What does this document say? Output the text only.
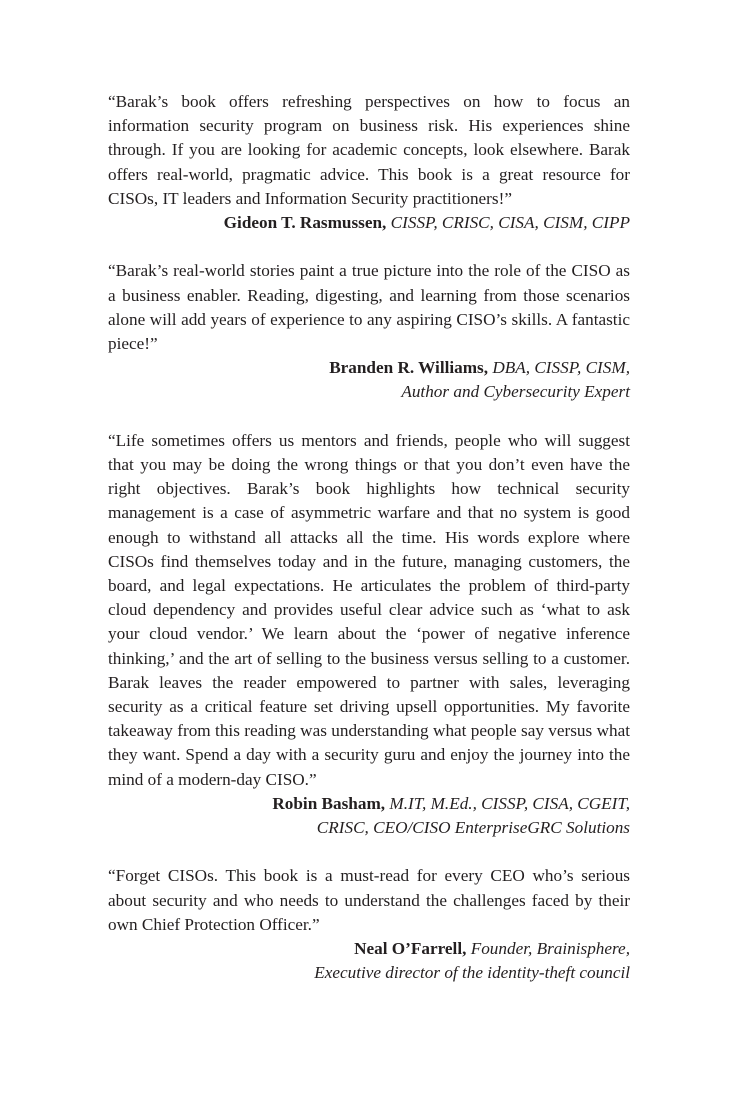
“Barak’s book offers refreshing perspectives on how to focus an information security program on business risk. His experiences shine through. If you are looking for academic concepts, look elsewhere. Barak offers real-world, pragmatic advice. This book is a great resource for CISOs, IT leaders and Information Security practitioners!”

Gideon T. Rasmussen, CISSP, CRISC, CISA, CISM, CIPP

“Barak’s real-world stories paint a true picture into the role of the CISO as a business enabler. Reading, digesting, and learning from those scenarios alone will add years of experience to any aspiring CISO’s skills. A fantastic piece!”

Branden R. Williams, DBA, CISSP, CISM,
Author and Cybersecurity Expert

“Life sometimes offers us mentors and friends, people who will suggest that you may be doing the wrong things or that you don’t even have the right objectives. Barak’s book highlights how technical security management is a case of asymmetric warfare and that no system is good enough to withstand all attacks all the time. His words explore where CISOs find themselves today and in the future, managing customers, the board, and legal expectations. He articulates the problem of third-party cloud dependency and provides useful clear advice such as ‘what to ask your cloud vendor.’ We learn about the ‘power of negative inference thinking,’ and the art of selling to the business versus selling to a customer. Barak leaves the reader empowered to partner with sales, leveraging security as a critical feature set driving upsell opportunities. My favorite takeaway from this reading was understanding what people say versus what they want. Spend a day with a security guru and enjoy the journey into the mind of a modern-day CISO.”

Robin Basham, M.IT, M.Ed., CISSP, CISA, CGEIT,
CRISC, CEO/CISO EnterpriseGRC Solutions

“Forget CISOs. This book is a must-read for every CEO who’s serious about security and who needs to understand the challenges faced by their own Chief Protection Officer.”

Neal O’Farrell, Founder, Brainisphere,
Executive director of the identity-theft council
